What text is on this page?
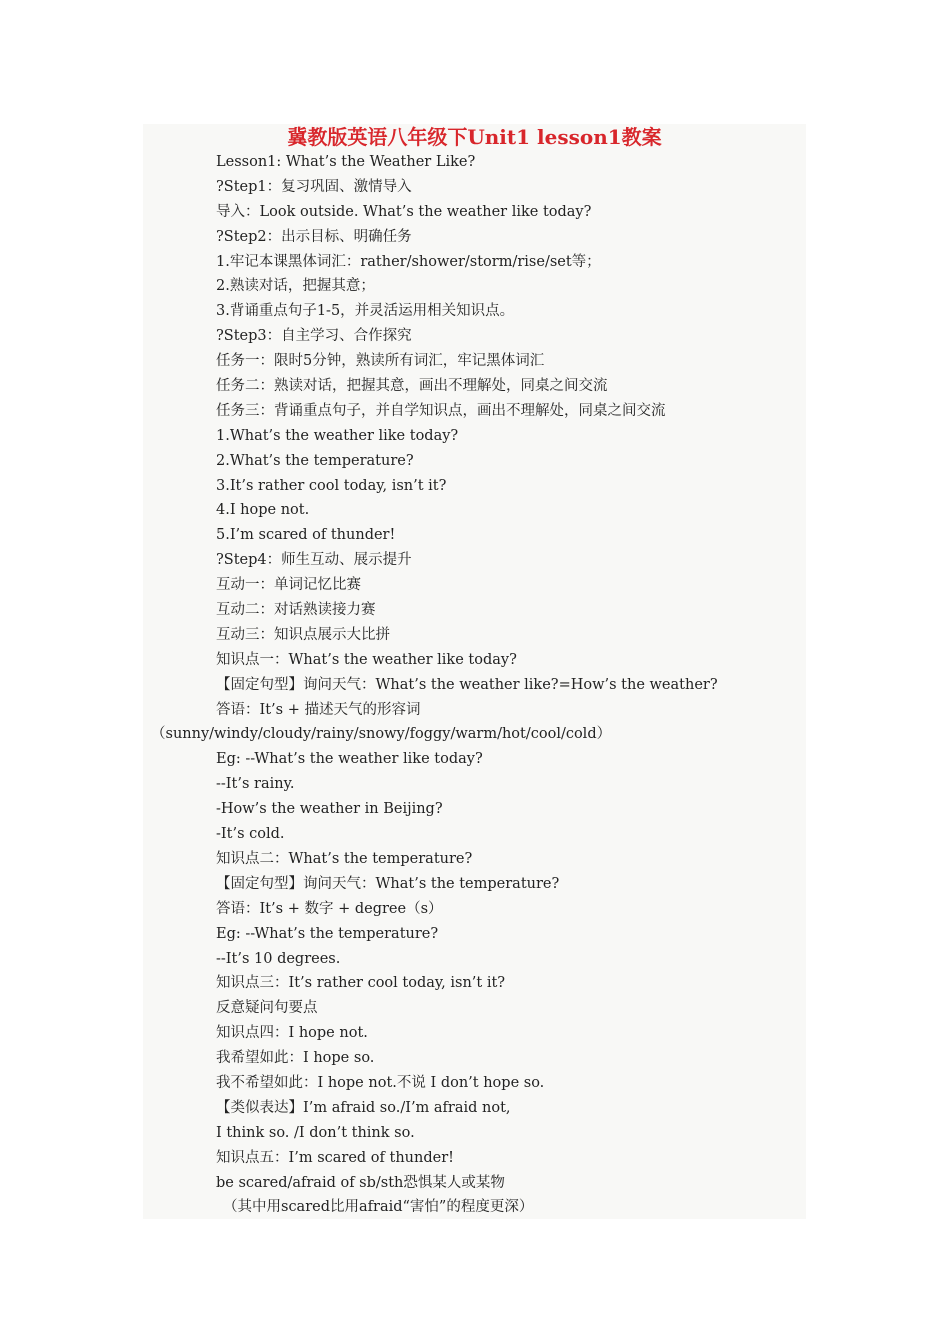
冀教版英语八年级下Unit1 lesson1教案
Lesson1: What’s the Weather Like?
?Step1：复习巩固、激情导入
导入：Look outside. What’s the weather like today?
?Step2：出示目标、明确任务
1.牢记本课黑体词汇：rather/shower/storm/rise/set等；
2.熟读对话，把握其意；
3.背诵重点句子1-5，并灵活运用相关知识点。
?Step3：自主学习、合作探究
任务一：限时5分钟，熟读所有词汇，牢记黑体词汇
任务二：熟读对话，把握其意，画出不理解处，同桌之间交流
任务三：背诵重点句子，并自学知识点，画出不理解处，同桌之间交流
1.What’s the weather like today?
2.What’s the temperature?
3.It’s rather cool today, isn’t it?
4.I hope not.
5.I’m scared of thunder!
?Step4：师生互动、展示提升
互动一：单词记忆比赛
互动二：对话熟读接力赛
互动三：知识点展示大比拼
知识点一：What’s the weather like today?
【固定句型】询问天气：What’s the weather like?=How’s the weather?
答语：It’s + 描述天气的形容词
（sunny/windy/cloudy/rainy/snowy/foggy/warm/hot/cool/cold）
Eg: --What’s the weather like today?
--It’s rainy.
-How’s the weather in Beijing?
-It’s cold.
知识点二：What’s the temperature?
【固定句型】询问天气：What’s the temperature?
答语：It’s + 数字 + degree（s）
Eg: --What’s the temperature?
--It’s 10 degrees.
知识点三：It’s rather cool today, isn’t it?
反意疑问句要点
知识点四：I hope not.
我希望如此：I hope so.
我不希望如此：I hope not.不说 I don’t hope so.
【类似表达】I’m afraid so./I’m afraid not,
I think so. /I don’t think so.
知识点五：I’m scared of thunder!
be scared/afraid of sb/sth恐惧某人或某物
（其中用scared比用afraid“害怕”的程度更深）
